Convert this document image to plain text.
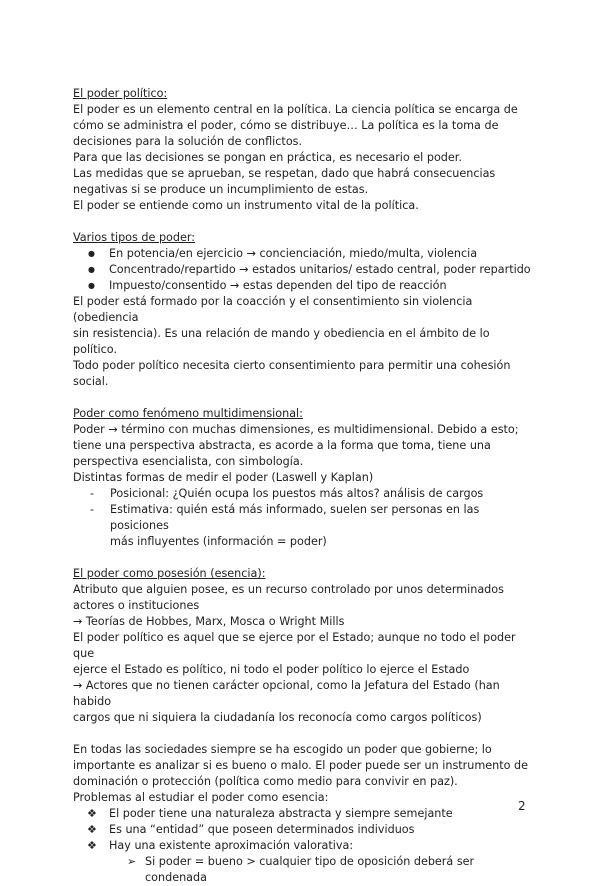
El poder político:

El poder es un elemento central en la política. La ciencia política se encarga de

cómo se administra el poder, cómo se distribuye… La política es la toma de

decisiones para la solución de conflictos.

Para que las decisiones se pongan en práctica, es necesario el poder.

Las medidas que se aprueban, se respetan, dado que habrá consecuencias

negativas si se produce un incumplimiento de estas.

El poder se entiende como un instrumento vital de la política.

Varios tipos de poder:

● En potencia/en ejercicio → concienciación, miedo/multa, violencia
● Concentrado/repartido → estados unitarios/ estado central, poder repartido
● Impuesto/consentido → estas dependen del tipo de reacción

El poder está formado por la coacción y el consentimiento sin violencia (obediencia

sin resistencia). Es una relación de mando y obediencia en el ámbito de lo político.

Todo poder político necesita cierto consentimiento para permitir una cohesión

social.

Poder como fenómeno multidimensional:

Poder → término con muchas dimensiones, es multidimensional. Debido a esto;

tiene una perspectiva abstracta, es acorde a la forma que toma, tiene una

perspectiva esencialista, con simbología.

Distintas formas de medir el poder (Laswell y Kaplan)

- Posicional: ¿Quién ocupa los puestos más altos? análisis de cargos
- Estimativa: quién está más informado, suelen ser personas en las posiciones

más influyentes (información = poder)

El poder como posesión (esencia):

Atributo que alguien posee, es un recurso controlado por unos determinados

actores o instituciones

→ Teorías de Hobbes, Marx, Mosca o Wright Mills

El poder político es aquel que se ejerce por el Estado; aunque no todo el poder que

ejerce el Estado es político, ni todo el poder político lo ejerce el Estado

→ Actores que no tienen carácter opcional, como la Jefatura del Estado (han habido

cargos que ni siquiera la ciudadanía los reconocía como cargos políticos)

En todas las sociedades siempre se ha escogido un poder que gobierne; lo

importante es analizar si es bueno o malo. El poder puede ser un instrumento de

dominación o protección (política como medio para convivir en paz).

Problemas al estudiar el poder como esencia:

❖ El poder tiene una naturaleza abstracta y siempre semejante
❖ Es una “entidad” que poseen determinados individuos
❖ Hay una existente aproximación valorativa:
➢ Si poder = bueno > cualquier tipo de oposición deberá ser condenada
2
